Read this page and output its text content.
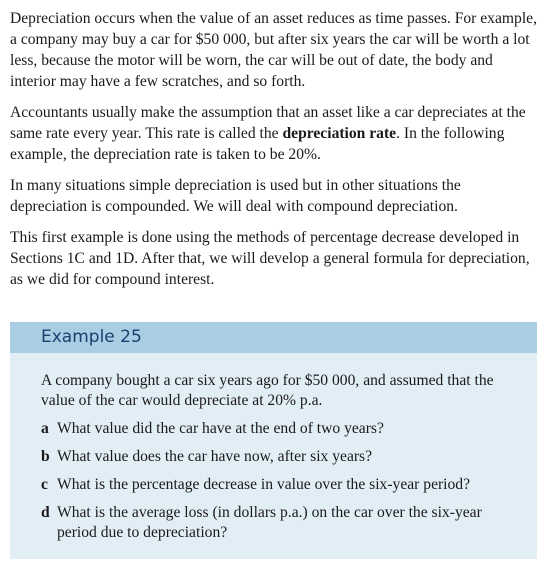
Depreciation occurs when the value of an asset reduces as time passes. For example, a company may buy a car for $50 000, but after six years the car will be worth a lot less, because the motor will be worn, the car will be out of date, the body and interior may have a few scratches, and so forth.

Accountants usually make the assumption that an asset like a car depreciates at the same rate every year. This rate is called the depreciation rate. In the following example, the depreciation rate is taken to be 20%.

In many situations simple depreciation is used but in other situations the depreciation is compounded. We will deal with compound depreciation.

This first example is done using the methods of percentage decrease developed in Sections 1C and 1D. After that, we will develop a general formula for depreciation, as we did for compound interest.

Example 25

A company bought a car six years ago for $50 000, and assumed that the value of the car would depreciate at 20% p.a.

a What value did the car have at the end of two years?
b What value does the car have now, after six years?
c What is the percentage decrease in value over the six-year period?
d What is the average loss (in dollars p.a.) on the car over the six-year period due to depreciation?
